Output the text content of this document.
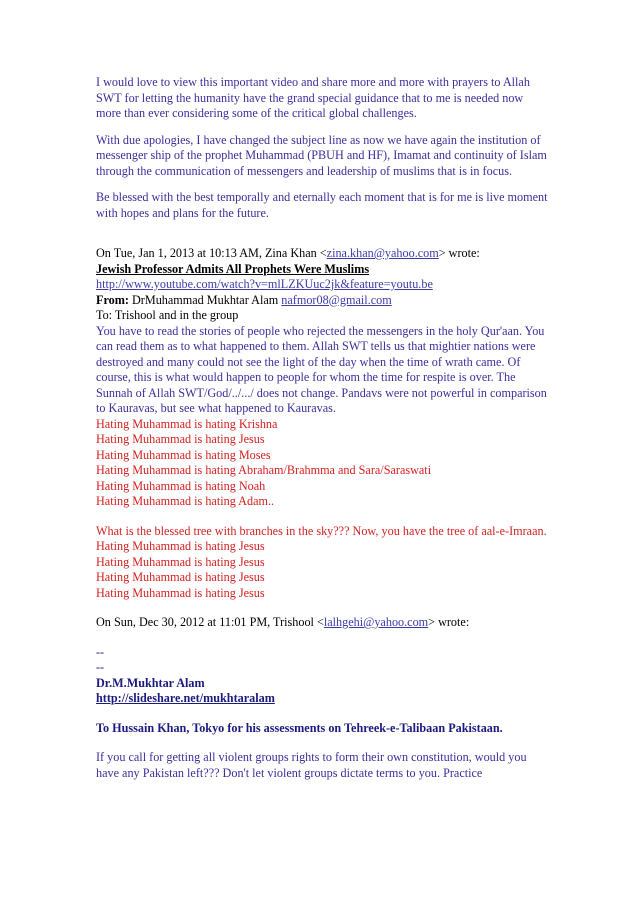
I would love to view this important video and share more and more with prayers to Allah SWT for letting the humanity have the grand special guidance that to me is needed now more than ever considering some of the critical global challenges.

With due apologies, I have changed the subject line as now we have again the institution of messenger ship of the prophet Muhammad (PBUH and HF), Imamat and continuity of Islam through the communication of messengers and leadership of muslims that is in focus.

Be blessed with the best temporally and eternally each moment that is for me is live moment with hopes and plans for the future.

On Tue, Jan 1, 2013 at 10:13 AM, Zina Khan <zina.khan@yahoo.com> wrote:
Jewish Professor Admits All Prophets Were Muslims
http://www.youtube.com/watch?v=mlLZKUuc2jk&feature=youtu.be
From: DrMuhammad Mukhtar Alam nafmor08@gmail.com
To: Trishool and in the group

You have to read the stories of people who rejected the messengers in the holy Qur'aan. You can read them as to what happened to them. Allah SWT tells us that mightier nations were destroyed and many could not see the light of the day when the time of wrath came. Of course, this is what would happen to people for whom the time for respite is over. The Sunnah of Allah SWT/God/../.../ does not change. Pandavs were not powerful in comparison to Kauravas, but see what happened to Kauravas.

Hating Muhammad is hating Krishna
Hating Muhammad is hating Jesus
Hating Muhammad is hating Moses
Hating Muhammad is hating Abraham/Brahmma and Sara/Saraswati
Hating Muhammad is hating Noah
Hating Muhammad is hating Adam..

What is the blessed tree with branches in the sky??? Now, you have the tree of aal-e-Imraan.

Hating Muhammad is hating Jesus
Hating Muhammad is hating Jesus
Hating Muhammad is hating Jesus
Hating Muhammad is hating Jesus
On Sun, Dec 30, 2012 at 11:01 PM, Trishool <lalhgehi@yahoo.com> wrote:
--
--
Dr.M.Mukhtar Alam
http://slideshare.net/mukhtaralam
To Hussain Khan, Tokyo for his assessments on Tehreek-e-Talibaan Pakistaan.

If you call for getting all violent groups rights to form their own constitution, would you have any Pakistan left??? Don't let violent groups dictate terms to you. Practice
